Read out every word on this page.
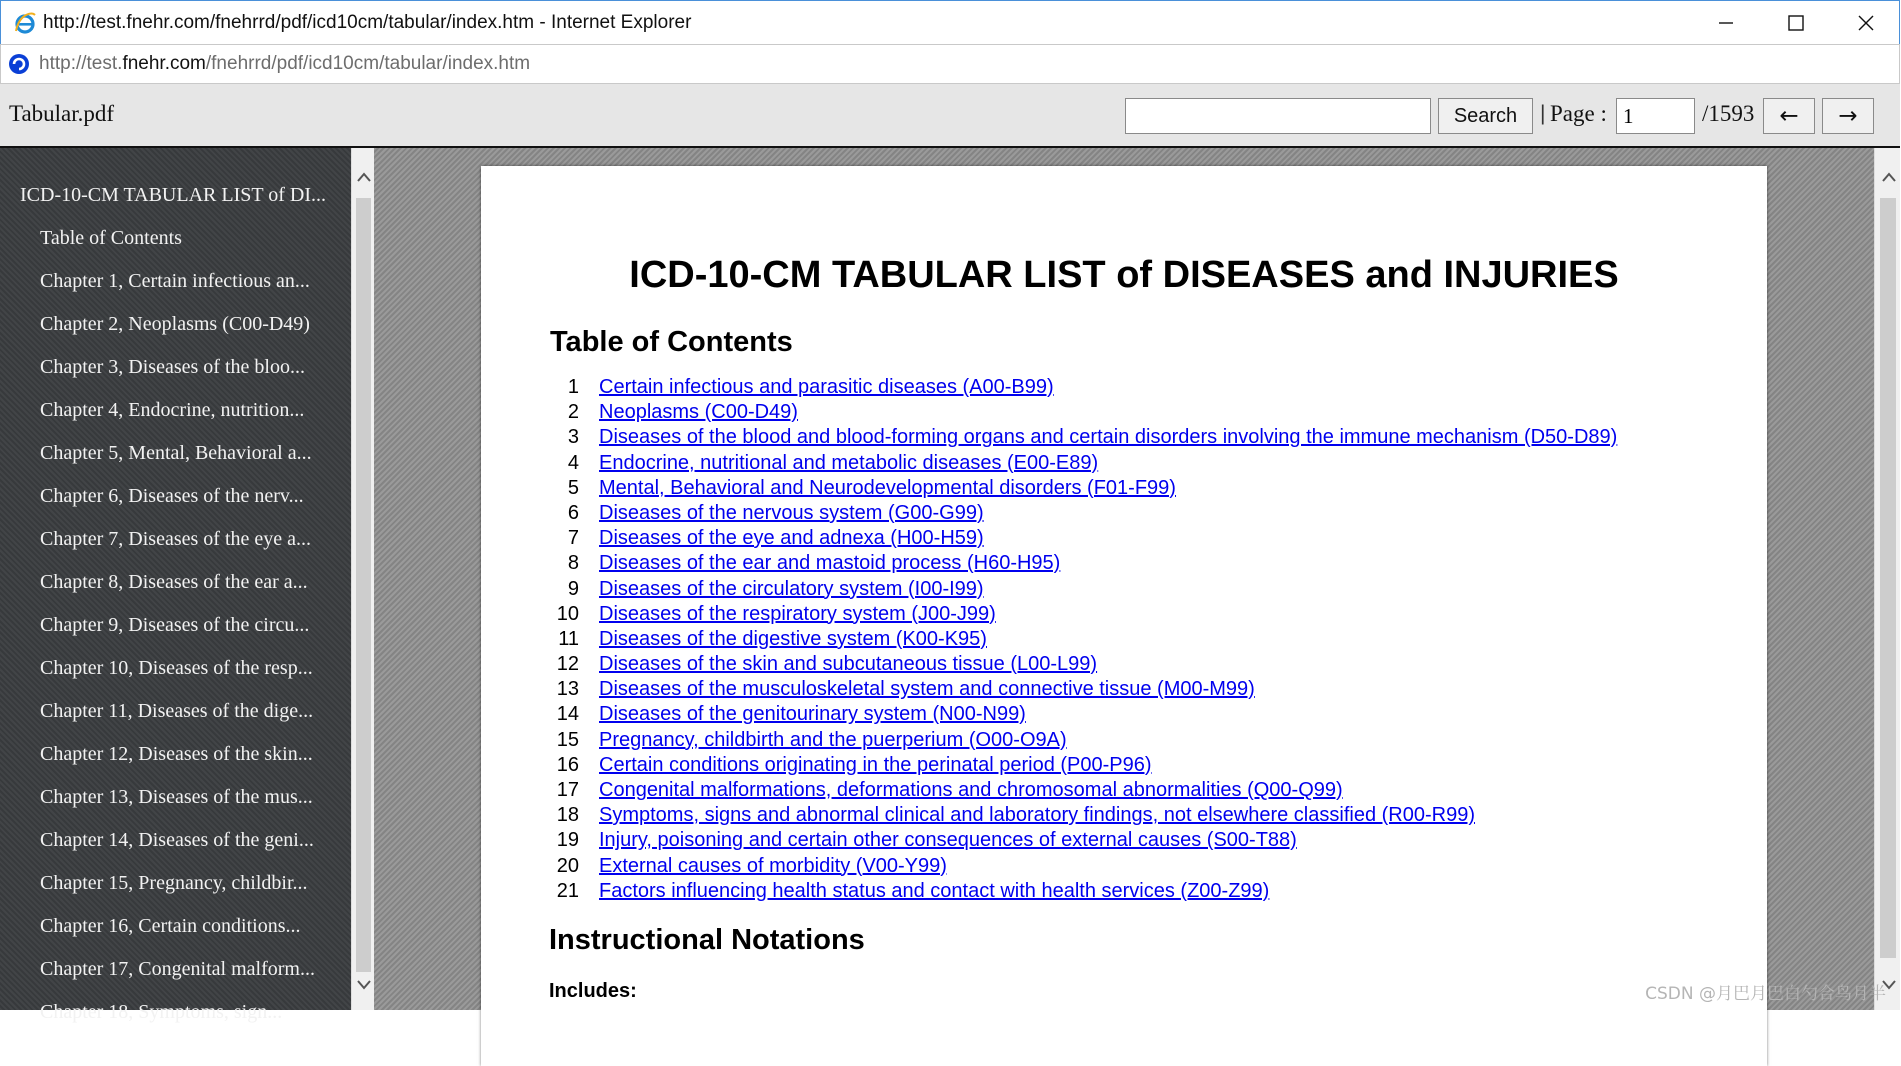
http://test.fnehr.com/fnehrrd/pdf/icd10cm/tabular/index.htm - Internet Explorer
http://test.fnehr.com/fnehrrd/pdf/icd10cm/tabular/index.htm
Tabular.pdf	Search	| Page :
1	/1593	←	→
ICD-10-CM TABULAR LIST of DI...
Table of Contents
Chapter 1, Certain infectious an...
Chapter 2, Neoplasms (C00-D49)
Chapter 3, Diseases of the bloo...
Chapter 4, Endocrine, nutrition...
Chapter 5, Mental, Behavioral a...
Chapter 6, Diseases of the nerv...
Chapter 7, Diseases of the eye a...
Chapter 8, Diseases of the ear a...
Chapter 9, Diseases of the circu...
Chapter 10, Diseases of the resp...
Chapter 11, Diseases of the dige...
Chapter 12, Diseases of the skin...
Chapter 13, Diseases of the mus...
Chapter 14, Diseases of the geni...
Chapter 15, Pregnancy, childbir...
Chapter 16, Certain conditions...
Chapter 17, Congenital malform...
Chapter 18, Symptoms, sign...
ICD-10-CM TABULAR LIST of DISEASES and INJURIES
Table of Contents
1 Certain infectious and parasitic diseases (A00-B99)
2 Neoplasms (C00-D49)
3 Diseases of the blood and blood-forming organs and certain disorders involving the immune mechanism (D50-D89)
4 Endocrine, nutritional and metabolic diseases (E00-E89)
5 Mental, Behavioral and Neurodevelopmental disorders (F01-F99)
6 Diseases of the nervous system (G00-G99)
7 Diseases of the eye and adnexa (H00-H59)
8 Diseases of the ear and mastoid process (H60-H95)
9 Diseases of the circulatory system (I00-I99)
10 Diseases of the respiratory system (J00-J99)
11 Diseases of the digestive system (K00-K95)
12 Diseases of the skin and subcutaneous tissue (L00-L99)
13 Diseases of the musculoskeletal system and connective tissue (M00-M99)
14 Diseases of the genitourinary system (N00-N99)
15 Pregnancy, childbirth and the puerperium (O00-O9A)
16 Certain conditions originating in the perinatal period (P00-P96)
17 Congenital malformations, deformations and chromosomal abnormalities (Q00-Q99)
18 Symptoms, signs and abnormal clinical and laboratory findings, not elsewhere classified (R00-R99)
19 Injury, poisoning and certain other consequences of external causes (S00-T88)
20 External causes of morbidity (V00-Y99)
21 Factors influencing health status and contact with health services (Z00-Z99)
Instructional Notations
Includes:	CSDN @月巴月巴白勺合鸟月半
